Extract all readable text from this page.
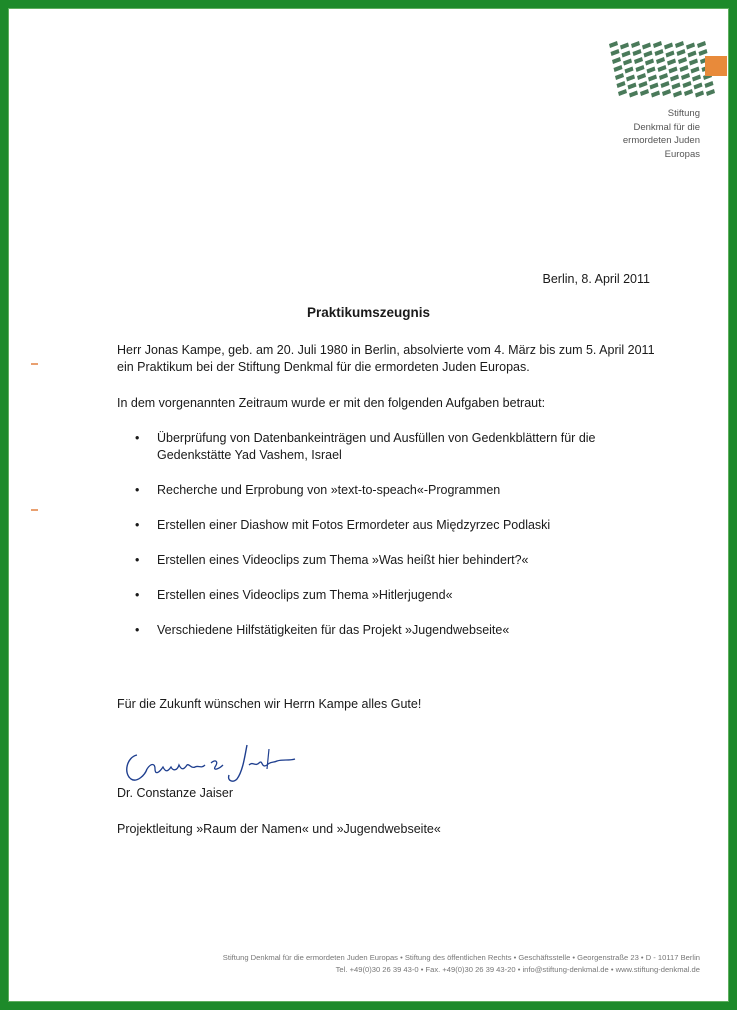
Stiftung
Denkmal für die
ermordeten Juden
Europas
Berlin, 8. April 2011
Praktikumszeugnis
Herr Jonas Kampe, geb. am 20. Juli 1980 in Berlin, absolvierte vom 4. März bis zum 5. April 2011 ein Praktikum bei der Stiftung Denkmal für die ermordeten Juden Europas.
In dem vorgenannten Zeitraum wurde er mit den folgenden Aufgaben betraut:
• Überprüfung von Datenbankeinträgen und Ausfüllen von Gedenkblättern für die Gedenkstätte Yad Vashem, Israel
• Recherche und Erprobung von »text-to-speach«-Programmen
• Erstellen einer Diashow mit Fotos Ermordeter aus Międzyrzec Podlaski
• Erstellen eines Videoclips zum Thema »Was heißt hier behindert?«
• Erstellen eines Videoclips zum Thema »Hitlerjugend«
• Verschiedene Hilfstätigkeiten für das Projekt »Jugendwebseite«
Für die Zukunft wünschen wir Herrn Kampe alles Gute!
Dr. Constanze Jaiser
Projektleitung »Raum der Namen« und »Jugendwebseite«
Stiftung Denkmal für die ermordeten Juden Europas • Stiftung des öffentlichen Rechts • Geschäftsstelle • Georgenstraße 23 • D - 10117 Berlin
Tel. +49(0)30 26 39 43-0 • Fax. +49(0)30 26 39 43-20 • info@stiftung-denkmal.de • www.stiftung-denkmal.de
